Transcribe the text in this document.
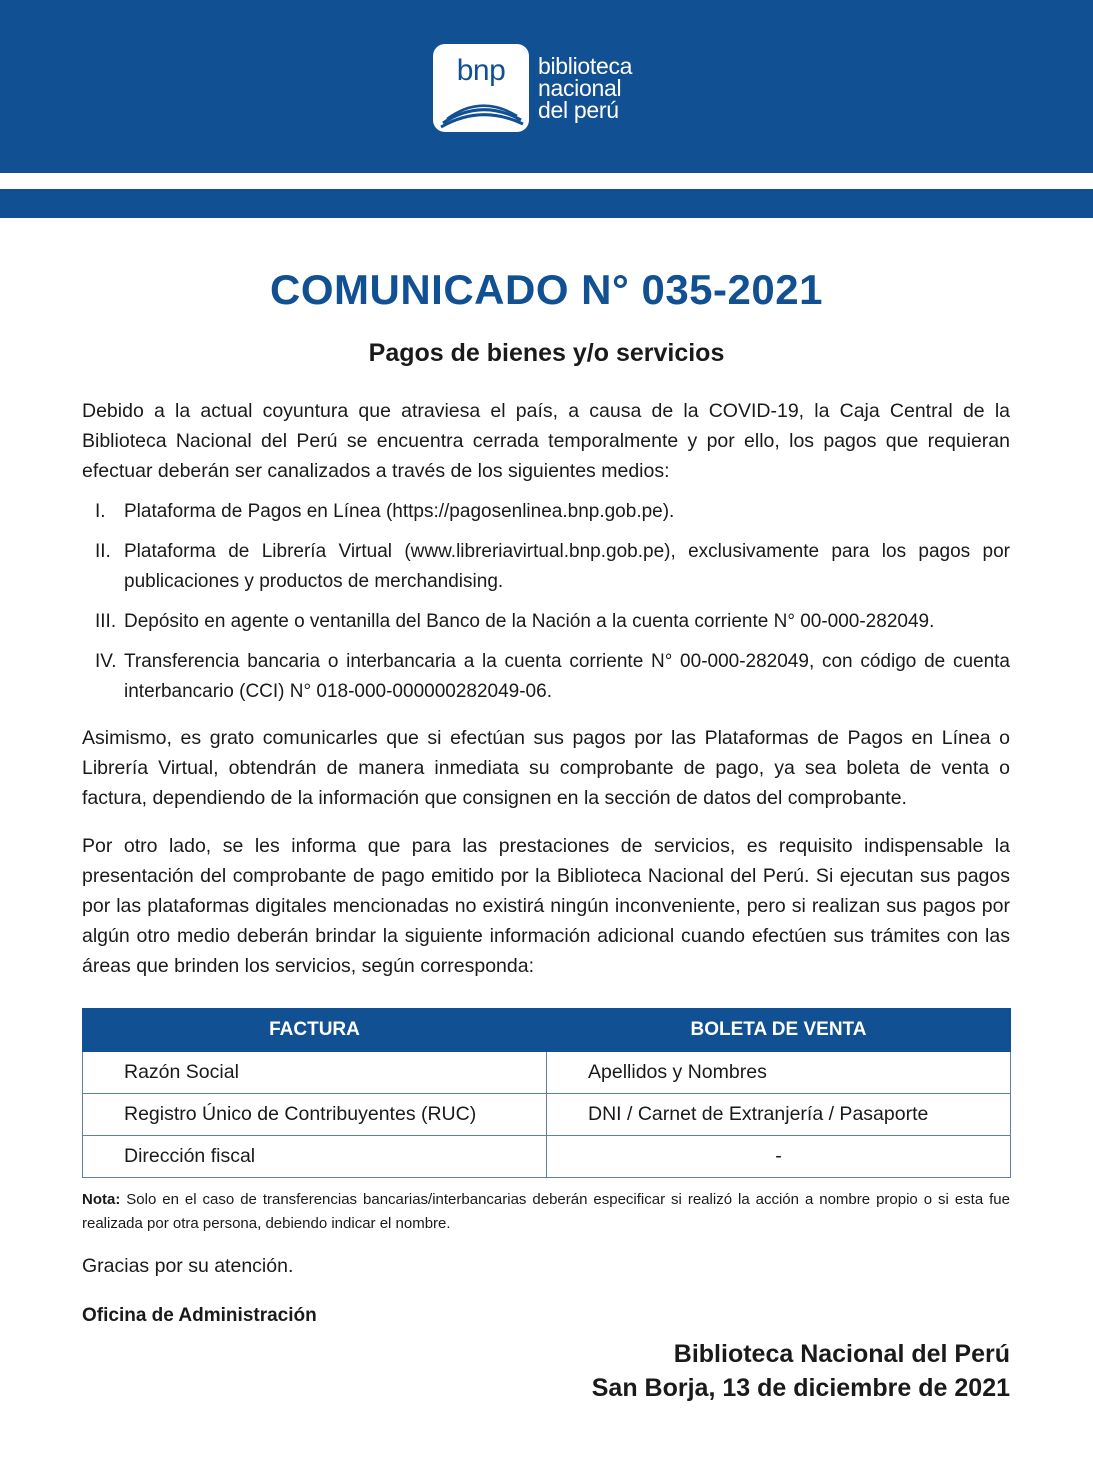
bnp	biblioteca
nacional
del perú
COMUNICADO N° 035-2021
Pagos de bienes y/o servicios

Debido a la actual coyuntura que atraviesa el país, a causa de la COVID-19, la Caja Central de la Biblioteca Nacional del Perú se encuentra cerrada temporalmente y por ello, los pagos que requieran efectuar deberán ser canalizados a través de los siguientes medios:

I. Plataforma de Pagos en Línea (https://pagosenlinea.bnp.gob.pe).
II. Plataforma de Librería Virtual (www.libreriavirtual.bnp.gob.pe), exclusivamente para los pagos por publicaciones y productos de merchandising.
III. Depósito en agente o ventanilla del Banco de la Nación a la cuenta corriente N° 00-000-282049.
IV. Transferencia bancaria o interbancaria a la cuenta corriente N° 00-000-282049, con código de cuenta interbancario (CCI) N° 018-000-000000282049-06.

Asimismo, es grato comunicarles que si efectúan sus pagos por las Plataformas de Pagos en Línea o Librería Virtual, obtendrán de manera inmediata su comprobante de pago, ya sea boleta de venta o factura, dependiendo de la información que consignen en la sección de datos del comprobante.

Por otro lado, se les informa que para las prestaciones de servicios, es requisito indispensable la presentación del comprobante de pago emitido por la Biblioteca Nacional del Perú. Si ejecutan sus pagos por las plataformas digitales mencionadas no existirá ningún inconveniente, pero si realizan sus pagos por algún otro medio deberán brindar la siguiente información adicional cuando efectúen sus trámites con las áreas que brinden los servicios, según corresponda:

FACTURA	BOLETA DE VENTA
Razón Social	Apellidos y Nombres
Registro Único de Contribuyentes (RUC)	DNI / Carnet de Extranjería / Pasaporte
Dirección fiscal	-

Nota: Solo en el caso de transferencias bancarias/interbancarias deberán especificar si realizó la acción a nombre propio o si esta fue realizada por otra persona, debiendo indicar el nombre.

Gracias por su atención.

Oficina de Administración

Biblioteca Nacional del Perú
San Borja, 13 de diciembre de 2021
